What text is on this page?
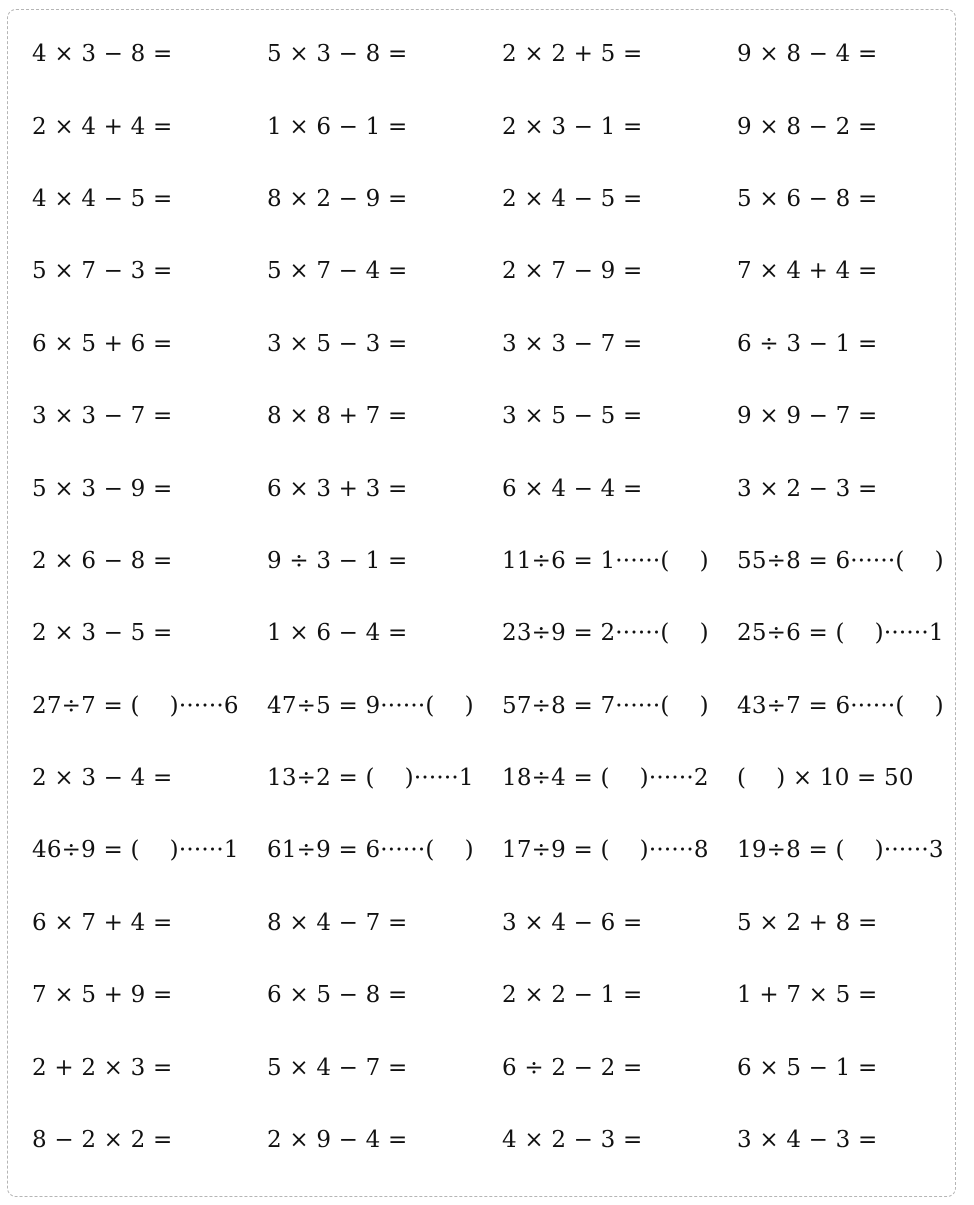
4 × 3 − 8 =	5 × 3 − 8 =	2 × 2 + 5 =	9 × 8 − 4 =
2 × 4 + 4 =	1 × 6 − 1 =	2 × 3 − 1 =	9 × 8 − 2 =
4 × 4 − 5 =	8 × 2 − 9 =	2 × 4 − 5 =	5 × 6 − 8 =
5 × 7 − 3 =	5 × 7 − 4 =	2 × 7 − 9 =	7 × 4 + 4 =
6 × 5 + 6 =	3 × 5 − 3 =	3 × 3 − 7 =	6 ÷ 3 − 1 =
3 × 3 − 7 =	8 × 8 + 7 =	3 × 5 − 5 =	9 × 9 − 7 =
5 × 3 − 9 =	6 × 3 + 3 =	6 × 4 − 4 =	3 × 2 − 3 =
2 × 6 − 8 =	9 ÷ 3 − 1 =	11÷6 = 1······(    )	55÷8 = 6······(    )
2 × 3 − 5 =	1 × 6 − 4 =	23÷9 = 2······(    )	25÷6 = (    )······1
27÷7 = (    )······6	47÷5 = 9······(    )	57÷8 = 7······(    )	43÷7 = 6······(    )
2 × 3 − 4 =	13÷2 = (    )······1	18÷4 = (    )······2	(    ) × 10 = 50
46÷9 = (    )······1	61÷9 = 6······(    )	17÷9 = (    )······8	19÷8 = (    )······3
6 × 7 + 4 =	8 × 4 − 7 =	3 × 4 − 6 =	5 × 2 + 8 =
7 × 5 + 9 =	6 × 5 − 8 =	2 × 2 − 1 =	1 + 7 × 5 =
2 + 2 × 3 =	5 × 4 − 7 =	6 ÷ 2 − 2 =	6 × 5 − 1 =
8 − 2 × 2 =	2 × 9 − 4 =	4 × 2 − 3 =	3 × 4 − 3 =
